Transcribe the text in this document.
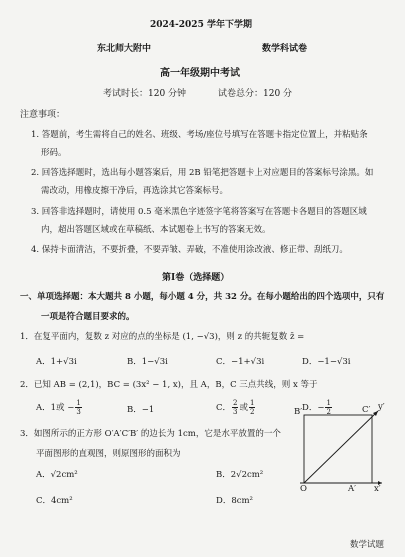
2024-2025 学年下学期
东北师大附中	数学科试卷
高一年级期中考试
考试时长：120 分钟	试卷总分：120 分
注意事项：
1. 答题前，考生需将自己的姓名、班级、考场/座位号填写在答题卡指定位置上，并粘贴条
形码。
2. 回答选择题时，选出每小题答案后，用 2B 铅笔把答题卡上对应题目的答案标号涂黑。如
需改动，用橡皮擦干净后，再选涂其它答案标号。
3. 回答非选择题时，请使用 0.5 毫米黑色字迹签字笔将答案写在答题卡各题目的答题区域
内，超出答题区域或在草稿纸、本试题卷上书写的答案无效。
4. 保持卡面清洁，不要折叠，不要弄皱、弄破，不准使用涂改液、修正带、刮纸刀。
第Ⅰ卷（选择题）
一、单项选择题：本大题共 8 小题，每小题 4 分，共 32 分。在每小题给出的四个选项中，只有
一项是符合题目要求的。
1．在复平面内，复数 z 对应的点的坐标是 (1, −√3)，则 z 的共轭复数 z̄ =
A．1+√3i	B．1−√3i	C．−1+√3i	D．−1−√3i
2．已知 AB = (2,1)，BC = (3x² − 1, x)，且 A，B，C 三点共线，则 x 等于
A．1或 − $\frac{1}{3}$	B．−1	C． $\frac{2}{3}$ 或 $\frac{1}{2}$	D．− $\frac{1}{2}$
3．如图所示的正方形 O′A′C′B′ 的边长为 1cm，它是水平放置的一个
平面图形的直观图，则原图形的面积为
A．√2cm²	B．2√2cm²
C．4cm²	D．8cm²
B′	C′ y′
O	A′ x′
数学试题
